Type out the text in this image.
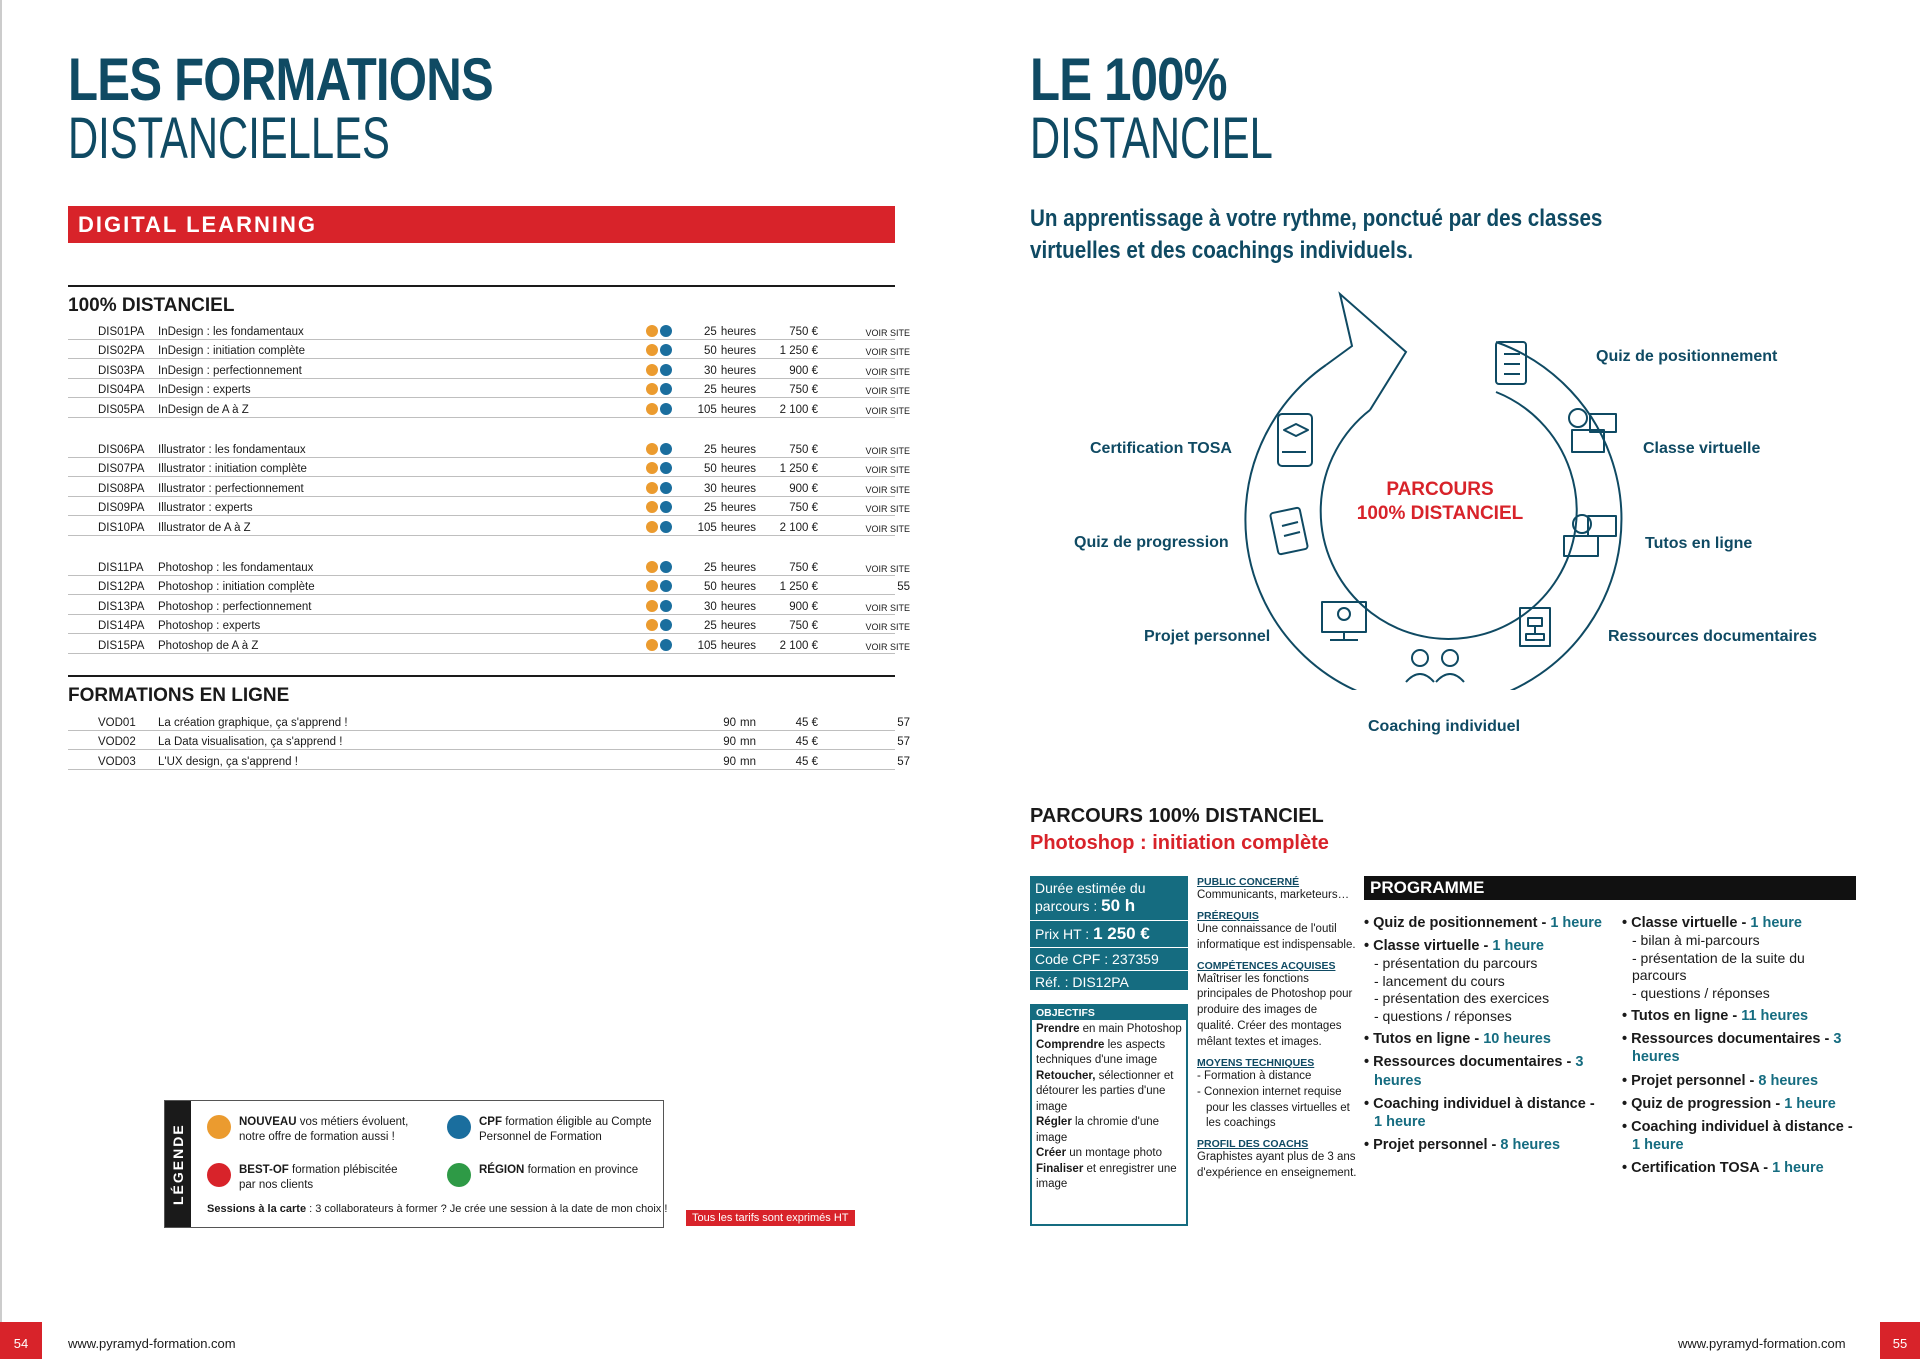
LES FORMATIONS
DISTANCIELLES
DIGITAL LEARNING
100% DISTANCIEL
DIS01PA	InDesign : les fondamentaux	25 heures	750 €	VOIR SITE
DIS02PA	InDesign : initiation complète	50 heures	1 250 €	VOIR SITE
DIS03PA	InDesign : perfectionnement	30 heures	900 €	VOIR SITE
DIS04PA	InDesign : experts	25 heures	750 €	VOIR SITE
DIS05PA	InDesign de A à Z	105 heures	2 100 €	VOIR SITE
DIS06PA	Illustrator : les fondamentaux	25 heures	750 €	VOIR SITE
DIS07PA	Illustrator : initiation complète	50 heures	1 250 €	VOIR SITE
DIS08PA	Illustrator : perfectionnement	30 heures	900 €	VOIR SITE
DIS09PA	Illustrator : experts	25 heures	750 €	VOIR SITE
DIS10PA	Illustrator de A à Z	105 heures	2 100 €	VOIR SITE
DIS11PA	Photoshop : les fondamentaux	25 heures	750 €	VOIR SITE
DIS12PA	Photoshop : initiation complète	50 heures	1 250 €	55
DIS13PA	Photoshop : perfectionnement	30 heures	900 €	VOIR SITE
DIS14PA	Photoshop : experts	25 heures	750 €	VOIR SITE
DIS15PA	Photoshop de A à Z	105 heures	2 100 €	VOIR SITE
FORMATIONS EN LIGNE
VOD01	La création graphique, ça s'apprend !	90 mn	45 €	57
VOD02	La Data visualisation, ça s'apprend !	90 mn	45 €	57
VOD03	L'UX design, ça s'apprend !	90 mn	45 €	57
LÉGENDE
NOUVEAU vos métiers évoluent, notre offre de formation aussi !
CPF formation éligible au Compte Personnel de Formation
BEST-OF formation plébiscitée par nos clients
RÉGION formation en province
Sessions à la carte : 3 collaborateurs à former ? Je crée une session à la date de mon choix !
Tous les tarifs sont exprimés HT
54	www.pyramyd-formation.com
LE 100%
DISTANCIEL
Un apprentissage à votre rythme, ponctué par des classes
virtuelles et des coachings individuels.
PARCOURS
100% DISTANCIEL
Quiz de positionnement
Classe virtuelle
Tutos en ligne
Ressources documentaires
Coaching individuel
Projet personnel
Quiz de progression
Certification TOSA
PARCOURS 100% DISTANCIEL
Photoshop : initiation complète
Durée estimée du parcours : 50 h
Prix HT : 1 250 €
Code CPF : 237359
Réf. : DIS12PA
OBJECTIFS
Prendre en main Photoshop
Comprendre les aspects techniques d'une image
Retoucher, sélectionner et détourer les parties d'une image
Régler la chromie d'une image
Créer un montage photo
Finaliser et enregistrer une image
PUBLIC CONCERNÉ
Communicants, marketeurs…
PRÉREQUIS
Une connaissance de l'outil informatique est indispensable.
COMPÉTENCES ACQUISES
Maîtriser les fonctions principales de Photoshop pour produire des images de qualité. Créer des montages mêlant textes et images.
MOYENS TECHNIQUES
- Formation à distance
- Connexion internet requise pour les classes virtuelles et les coachings
PROFIL DES COACHS
Graphistes ayant plus de 3 ans d'expérience en enseignement.
PROGRAMME
• Quiz de positionnement - 1 heure
• Classe virtuelle - 1 heure
- présentation du parcours
- lancement du cours
- présentation des exercices
- questions / réponses
• Tutos en ligne - 10 heures
• Ressources documentaires - 3 heures
• Coaching individuel à distance - 1 heure
• Projet personnel - 8 heures
• Classe virtuelle - 1 heure
- bilan à mi-parcours
- présentation de la suite du parcours
- questions / réponses
• Tutos en ligne - 11 heures
• Ressources documentaires - 3 heures
• Projet personnel - 8 heures
• Quiz de progression - 1 heure
• Coaching individuel à distance - 1 heure
• Certification TOSA - 1 heure
www.pyramyd-formation.com	55
